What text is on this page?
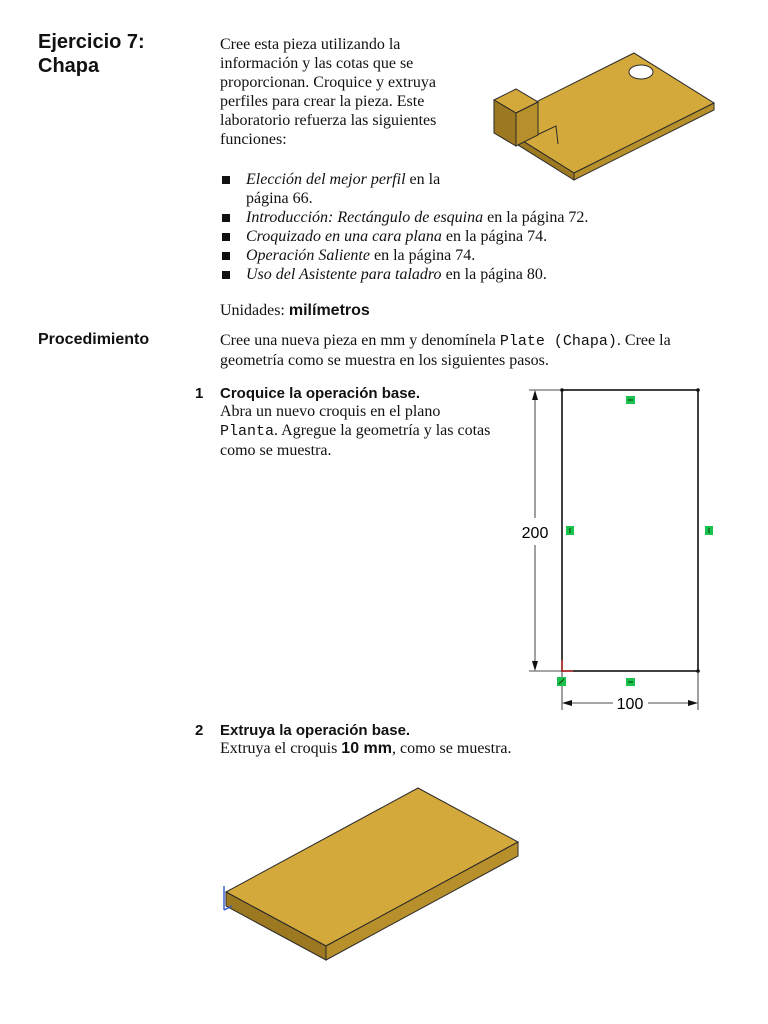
Ejercicio 7:
Chapa
Cree esta pieza utilizando la
información y las cotas que se
proporcionan. Croquice y extruya
perfiles para crear la pieza. Este
laboratorio refuerza las siguientes
funciones:
Elección del mejor perfil en la
página 66.
Introducción: Rectángulo de esquina en la página 72.
Croquizado en una cara plana en la página 74.
Operación Saliente en la página 74.
Uso del Asistente para taladro en la página 80.
Unidades: milímetros
Procedimiento	Cree una nueva pieza en mm y denomínela Plate (Chapa). Cree la
geometría como se muestra en los siguientes pasos.
1 Croquice la operación base.
Abra un nuevo croquis en el plano
Planta. Agregue la geometría y las cotas
como se muestra.
200
100
2 Extruya la operación base.
Extruya el croquis 10 mm, como se muestra.
